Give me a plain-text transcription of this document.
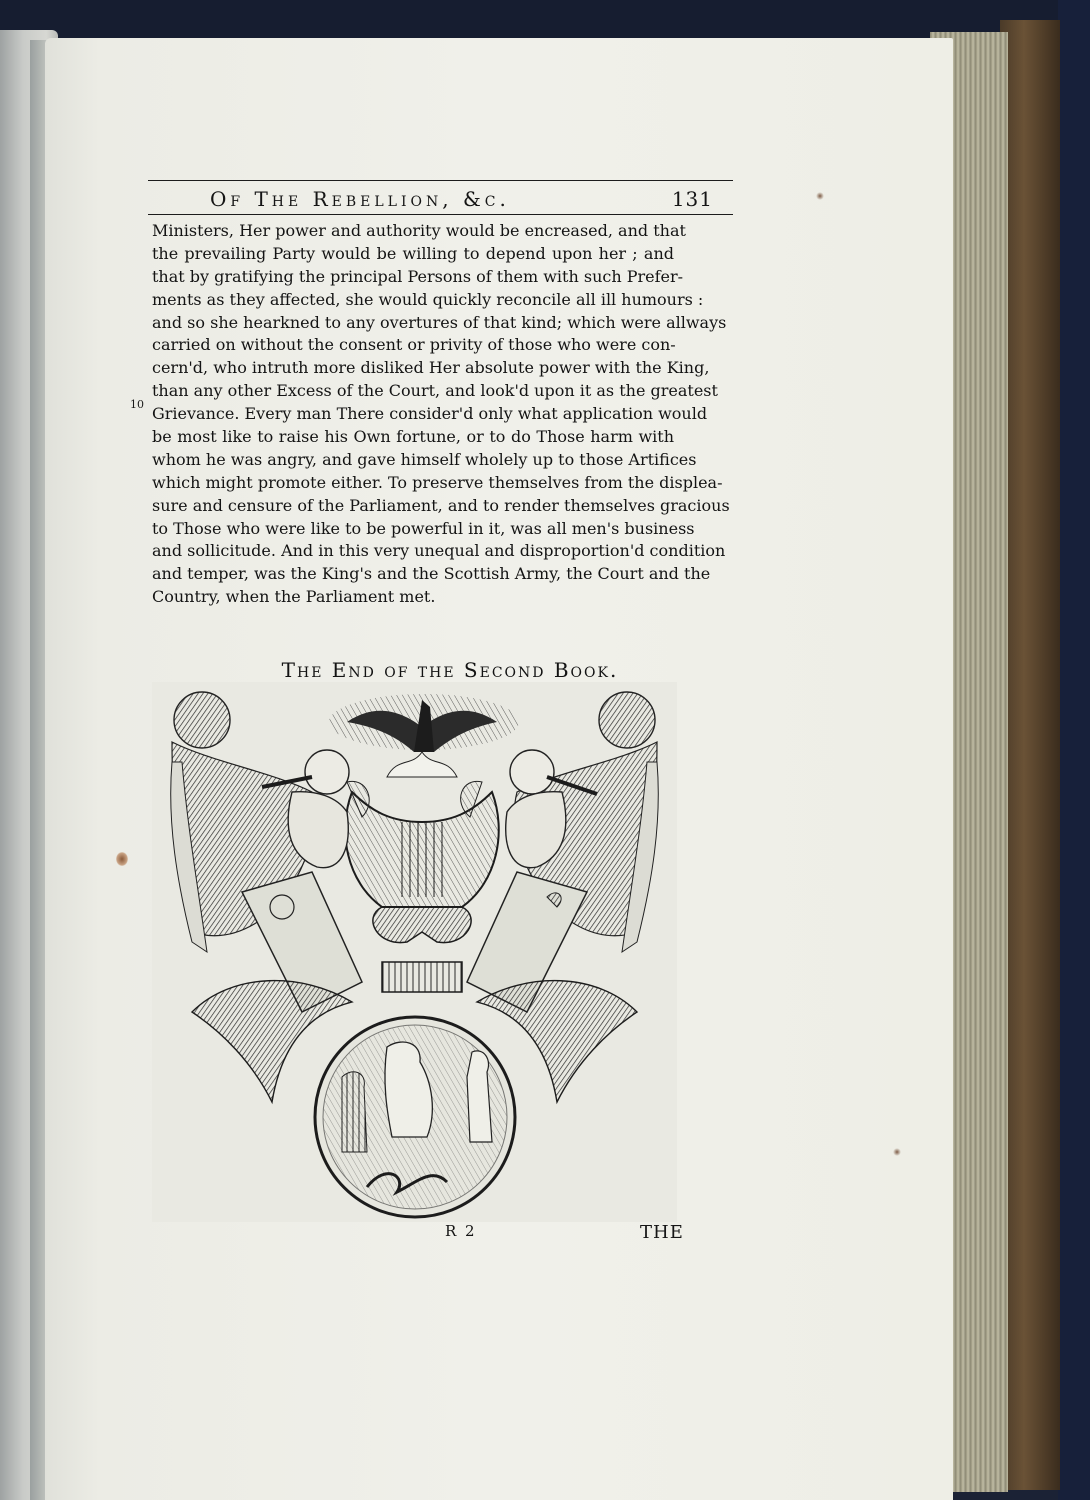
Of The Rebellion, &c.	131
10
Ministers, Her power and authority would be encreased, and that
the prevailing Party would be willing to depend upon her ; and
that by gratifying the principal Persons of them with such Prefer-
ments as they affected, she would quickly reconcile all ill humours :
and so she hearkned to any overtures of that kind; which were allways
carried on without the consent or privity of those who were con-
cern'd, who intruth more disliked Her absolute power with the King,
than any other Excess of the Court, and look'd upon it as the greatest
Grievance. Every man There consider'd only what application would
be most like to raise his Own fortune, or to do Those harm with
whom he was angry, and gave himself wholely up to those Artifices
which might promote either. To preserve themselves from the displea-
sure and censure of the Parliament, and to render themselves gracious
to Those who were like to be powerful in it, was all men's business
and sollicitude. And in this very unequal and disproportion'd condition
and temper, was the King's and the Scottish Army, the Court and the
Country, when the Parliament met.
The End of the Second Book.
R 2	THE
